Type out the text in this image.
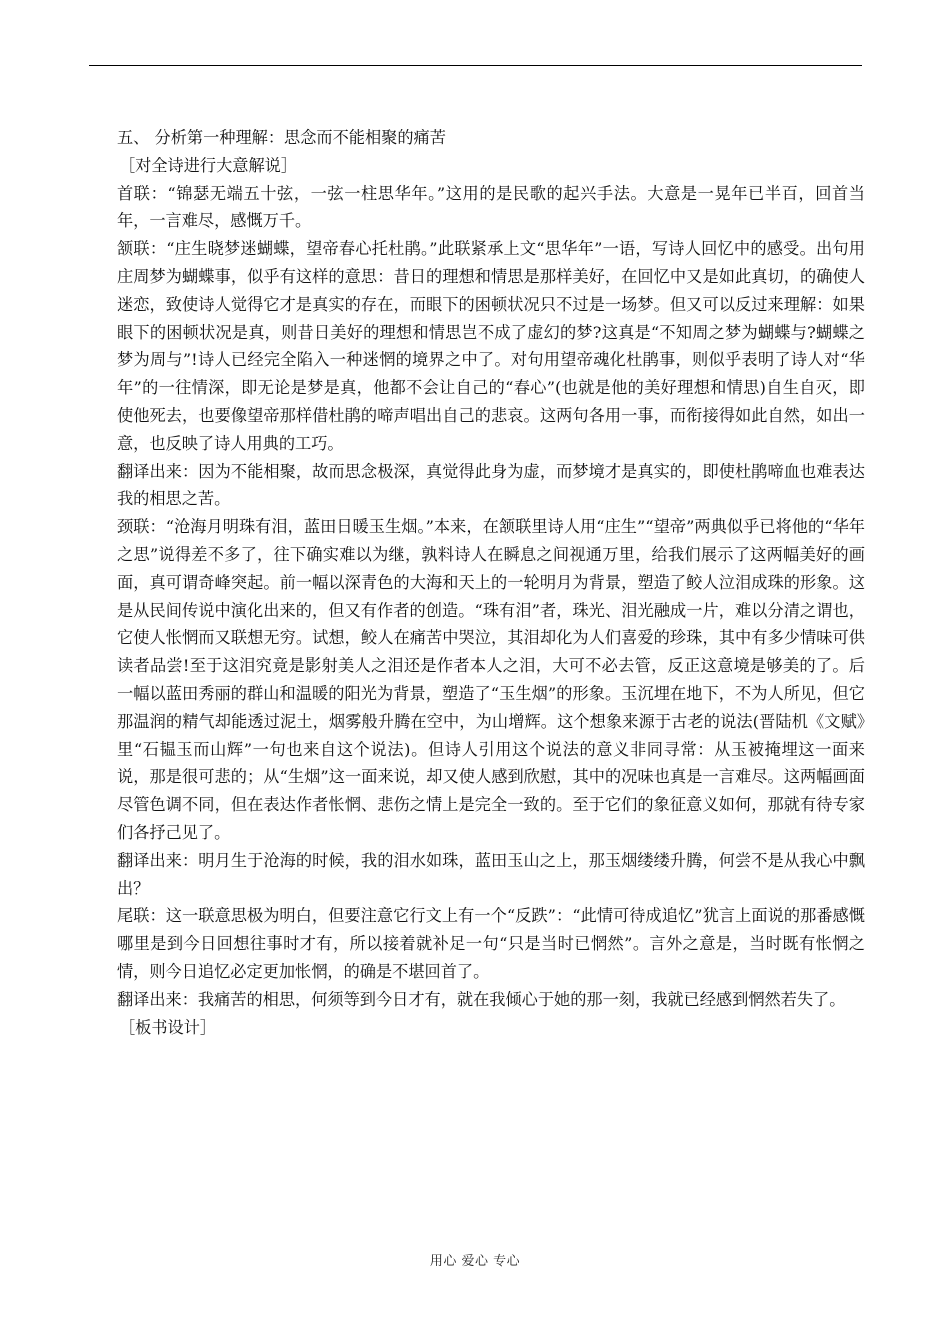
五、 分析第一种理解：思念而不能相聚的痛苦

［对全诗进行大意解说］

首联：“锦瑟无端五十弦，一弦一柱思华年。”这用的是民歌的起兴手法。大意是一晃年已半百，回首当年，一言难尽，感慨万千。

颔联：“庄生晓梦迷蝴蝶，望帝春心托杜鹃。”此联紧承上文“思华年”一语，写诗人回忆中的感受。出句用庄周梦为蝴蝶事，似乎有这样的意思：昔日的理想和情思是那样美好，在回忆中又是如此真切，的确使人迷恋，致使诗人觉得它才是真实的存在，而眼下的困顿状况只不过是一场梦。但又可以反过来理解：如果眼下的困顿状况是真，则昔日美好的理想和情思岂不成了虚幻的梦?这真是“不知周之梦为蝴蝶与?蝴蝶之梦为周与”!诗人已经完全陷入一种迷惘的境界之中了。对句用望帝魂化杜鹃事，则似乎表明了诗人对“华年”的一往情深，即无论是梦是真，他都不会让自己的“春心”(也就是他的美好理想和情思)自生自灭，即使他死去，也要像望帝那样借杜鹃的啼声唱出自己的悲哀。这两句各用一事，而衔接得如此自然，如出一意，也反映了诗人用典的工巧。

翻译出来：因为不能相聚，故而思念极深，真觉得此身为虚，而梦境才是真实的，即使杜鹃啼血也难表达我的相思之苦。

颈联：“沧海月明珠有泪，蓝田日暖玉生烟。”本来，在颔联里诗人用“庄生”“望帝”两典似乎已将他的“华年之思”说得差不多了，往下确实难以为继，孰料诗人在瞬息之间视通万里，给我们展示了这两幅美好的画面，真可谓奇峰突起。前一幅以深青色的大海和天上的一轮明月为背景，塑造了鲛人泣泪成珠的形象。这是从民间传说中演化出来的，但又有作者的创造。“珠有泪”者，珠光、泪光融成一片，难以分清之谓也，它使人怅惘而又联想无穷。试想，鲛人在痛苦中哭泣，其泪却化为人们喜爱的珍珠，其中有多少情味可供读者品尝!至于这泪究竟是影射美人之泪还是作者本人之泪，大可不必去管，反正这意境是够美的了。后一幅以蓝田秀丽的群山和温暖的阳光为背景，塑造了“玉生烟”的形象。玉沉埋在地下，不为人所见，但它那温润的精气却能透过泥土，烟雾般升腾在空中，为山增辉。这个想象来源于古老的说法(晋陆机《文赋》里“石韫玉而山辉”一句也来自这个说法)。但诗人引用这个说法的意义非同寻常：从玉被掩埋这一面来说，那是很可悲的；从“生烟”这一面来说，却又使人感到欣慰，其中的况味也真是一言难尽。这两幅画面尽管色调不同，但在表达作者怅惘、悲伤之情上是完全一致的。至于它们的象征意义如何，那就有待专家们各抒己见了。

翻译出来：明月生于沧海的时候，我的泪水如珠，蓝田玉山之上，那玉烟缕缕升腾，何尝不是从我心中飘出？

尾联：这一联意思极为明白，但要注意它行文上有一个“反跌”：“此情可待成追忆”犹言上面说的那番感慨哪里是到今日回想往事时才有，所以接着就补足一句“只是当时已惘然”。言外之意是，当时既有怅惘之情，则今日追忆必定更加怅惘，的确是不堪回首了。

翻译出来：我痛苦的相思，何须等到今日才有，就在我倾心于她的那一刻，我就已经感到惘然若失了。

［板书设计］

用心 爱心 专心
